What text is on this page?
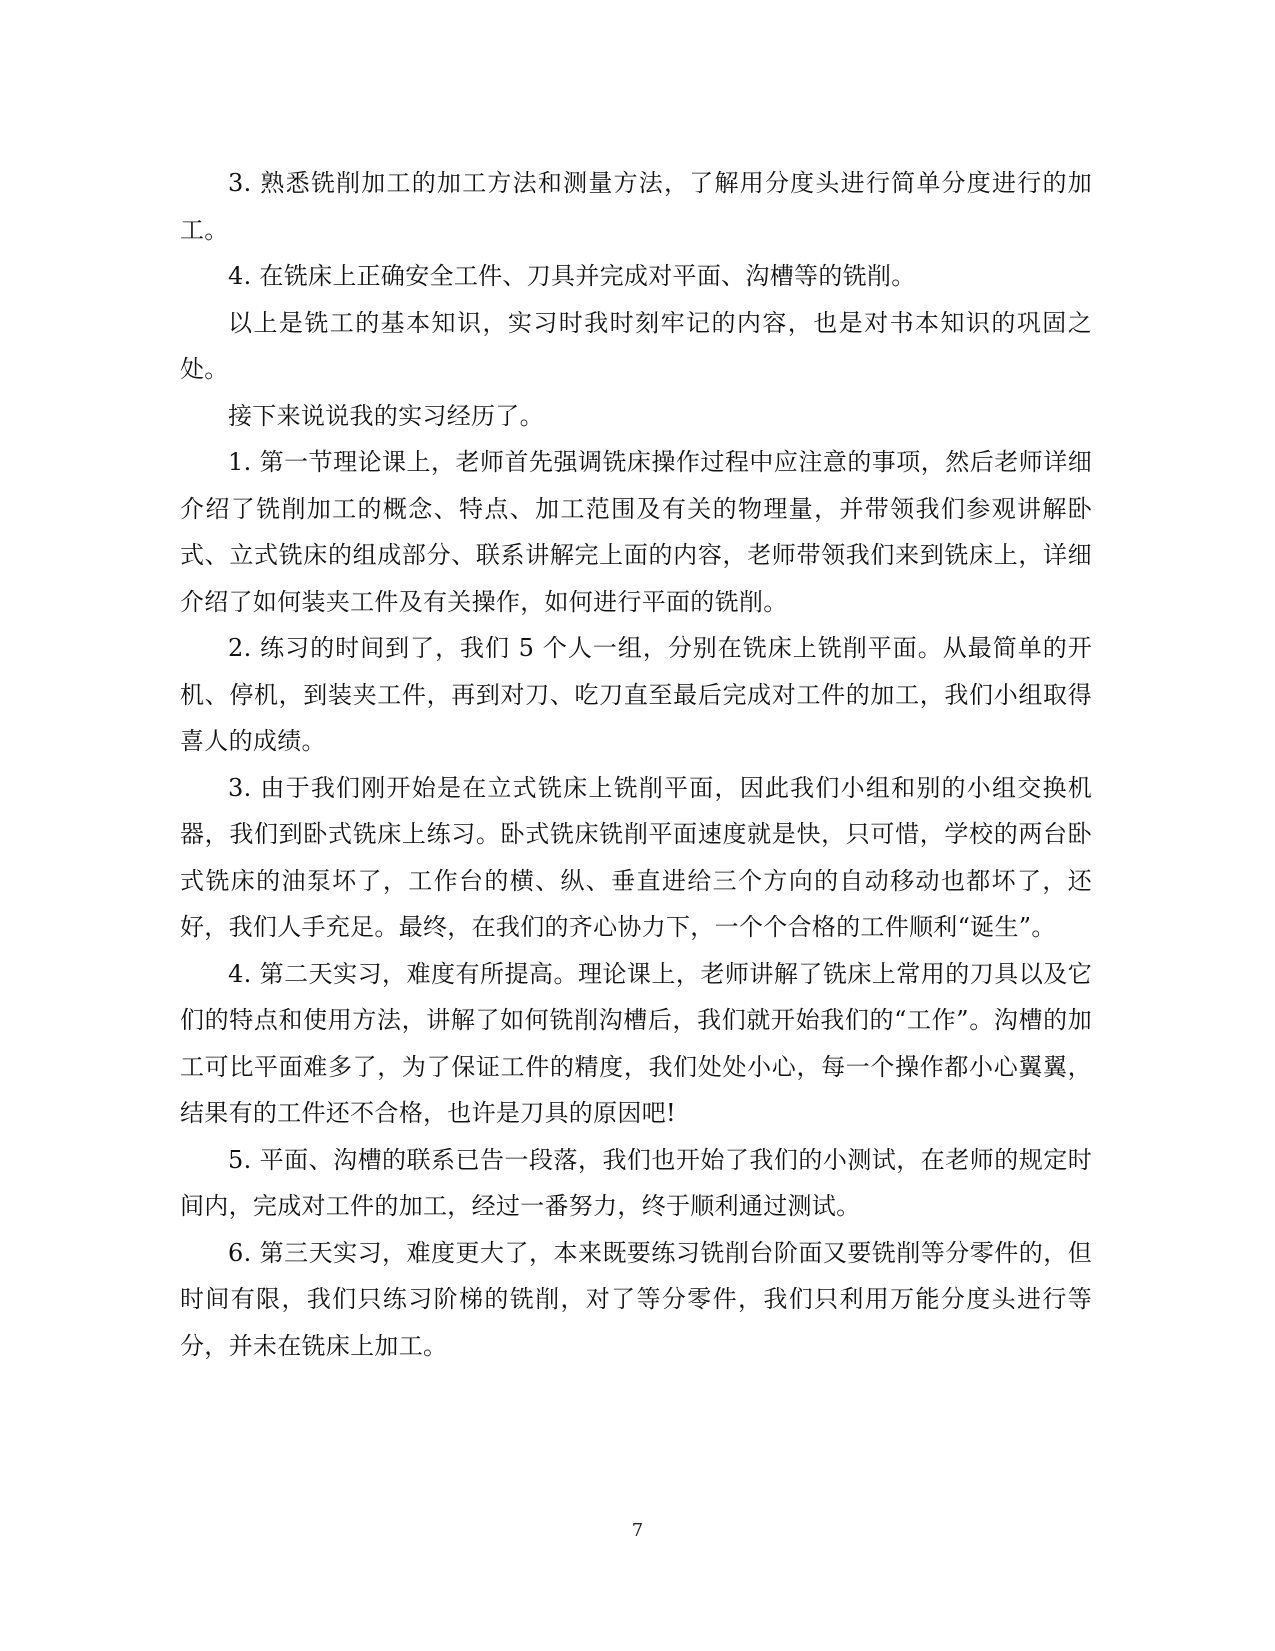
3. 熟悉铣削加工的加工方法和测量方法，了解用分度头进行简单分度进行的加工。

4. 在铣床上正确安全工件、刀具并完成对平面、沟槽等的铣削。

以上是铣工的基本知识，实习时我时刻牢记的内容，也是对书本知识的巩固之处。

接下来说说我的实习经历了。

1. 第一节理论课上，老师首先强调铣床操作过程中应注意的事项，然后老师详细介绍了铣削加工的概念、特点、加工范围及有关的物理量，并带领我们参观讲解卧式、立式铣床的组成部分、联系讲解完上面的内容，老师带领我们来到铣床上，详细介绍了如何装夹工件及有关操作，如何进行平面的铣削。

2. 练习的时间到了，我们 5 个人一组，分别在铣床上铣削平面。从最简单的开机、停机，到装夹工件，再到对刀、吃刀直至最后完成对工件的加工，我们小组取得喜人的成绩。

3. 由于我们刚开始是在立式铣床上铣削平面，因此我们小组和别的小组交换机器，我们到卧式铣床上练习。卧式铣床铣削平面速度就是快，只可惜，学校的两台卧式铣床的油泵坏了，工作台的横、纵、垂直进给三个方向的自动移动也都坏了，还好，我们人手充足。最终，在我们的齐心协力下，一个个合格的工件顺利“诞生”。

4. 第二天实习，难度有所提高。理论课上，老师讲解了铣床上常用的刀具以及它们的特点和使用方法，讲解了如何铣削沟槽后，我们就开始我们的“工作”。沟槽的加工可比平面难多了，为了保证工件的精度，我们处处小心，每一个操作都小心翼翼，结果有的工件还不合格，也许是刀具的原因吧!

5. 平面、沟槽的联系已告一段落，我们也开始了我们的小测试，在老师的规定时间内，完成对工件的加工，经过一番努力，终于顺利通过测试。

6. 第三天实习，难度更大了，本来既要练习铣削台阶面又要铣削等分零件的，但时间有限，我们只练习阶梯的铣削，对了等分零件，我们只利用万能分度头进行等分，并未在铣床上加工。

7
